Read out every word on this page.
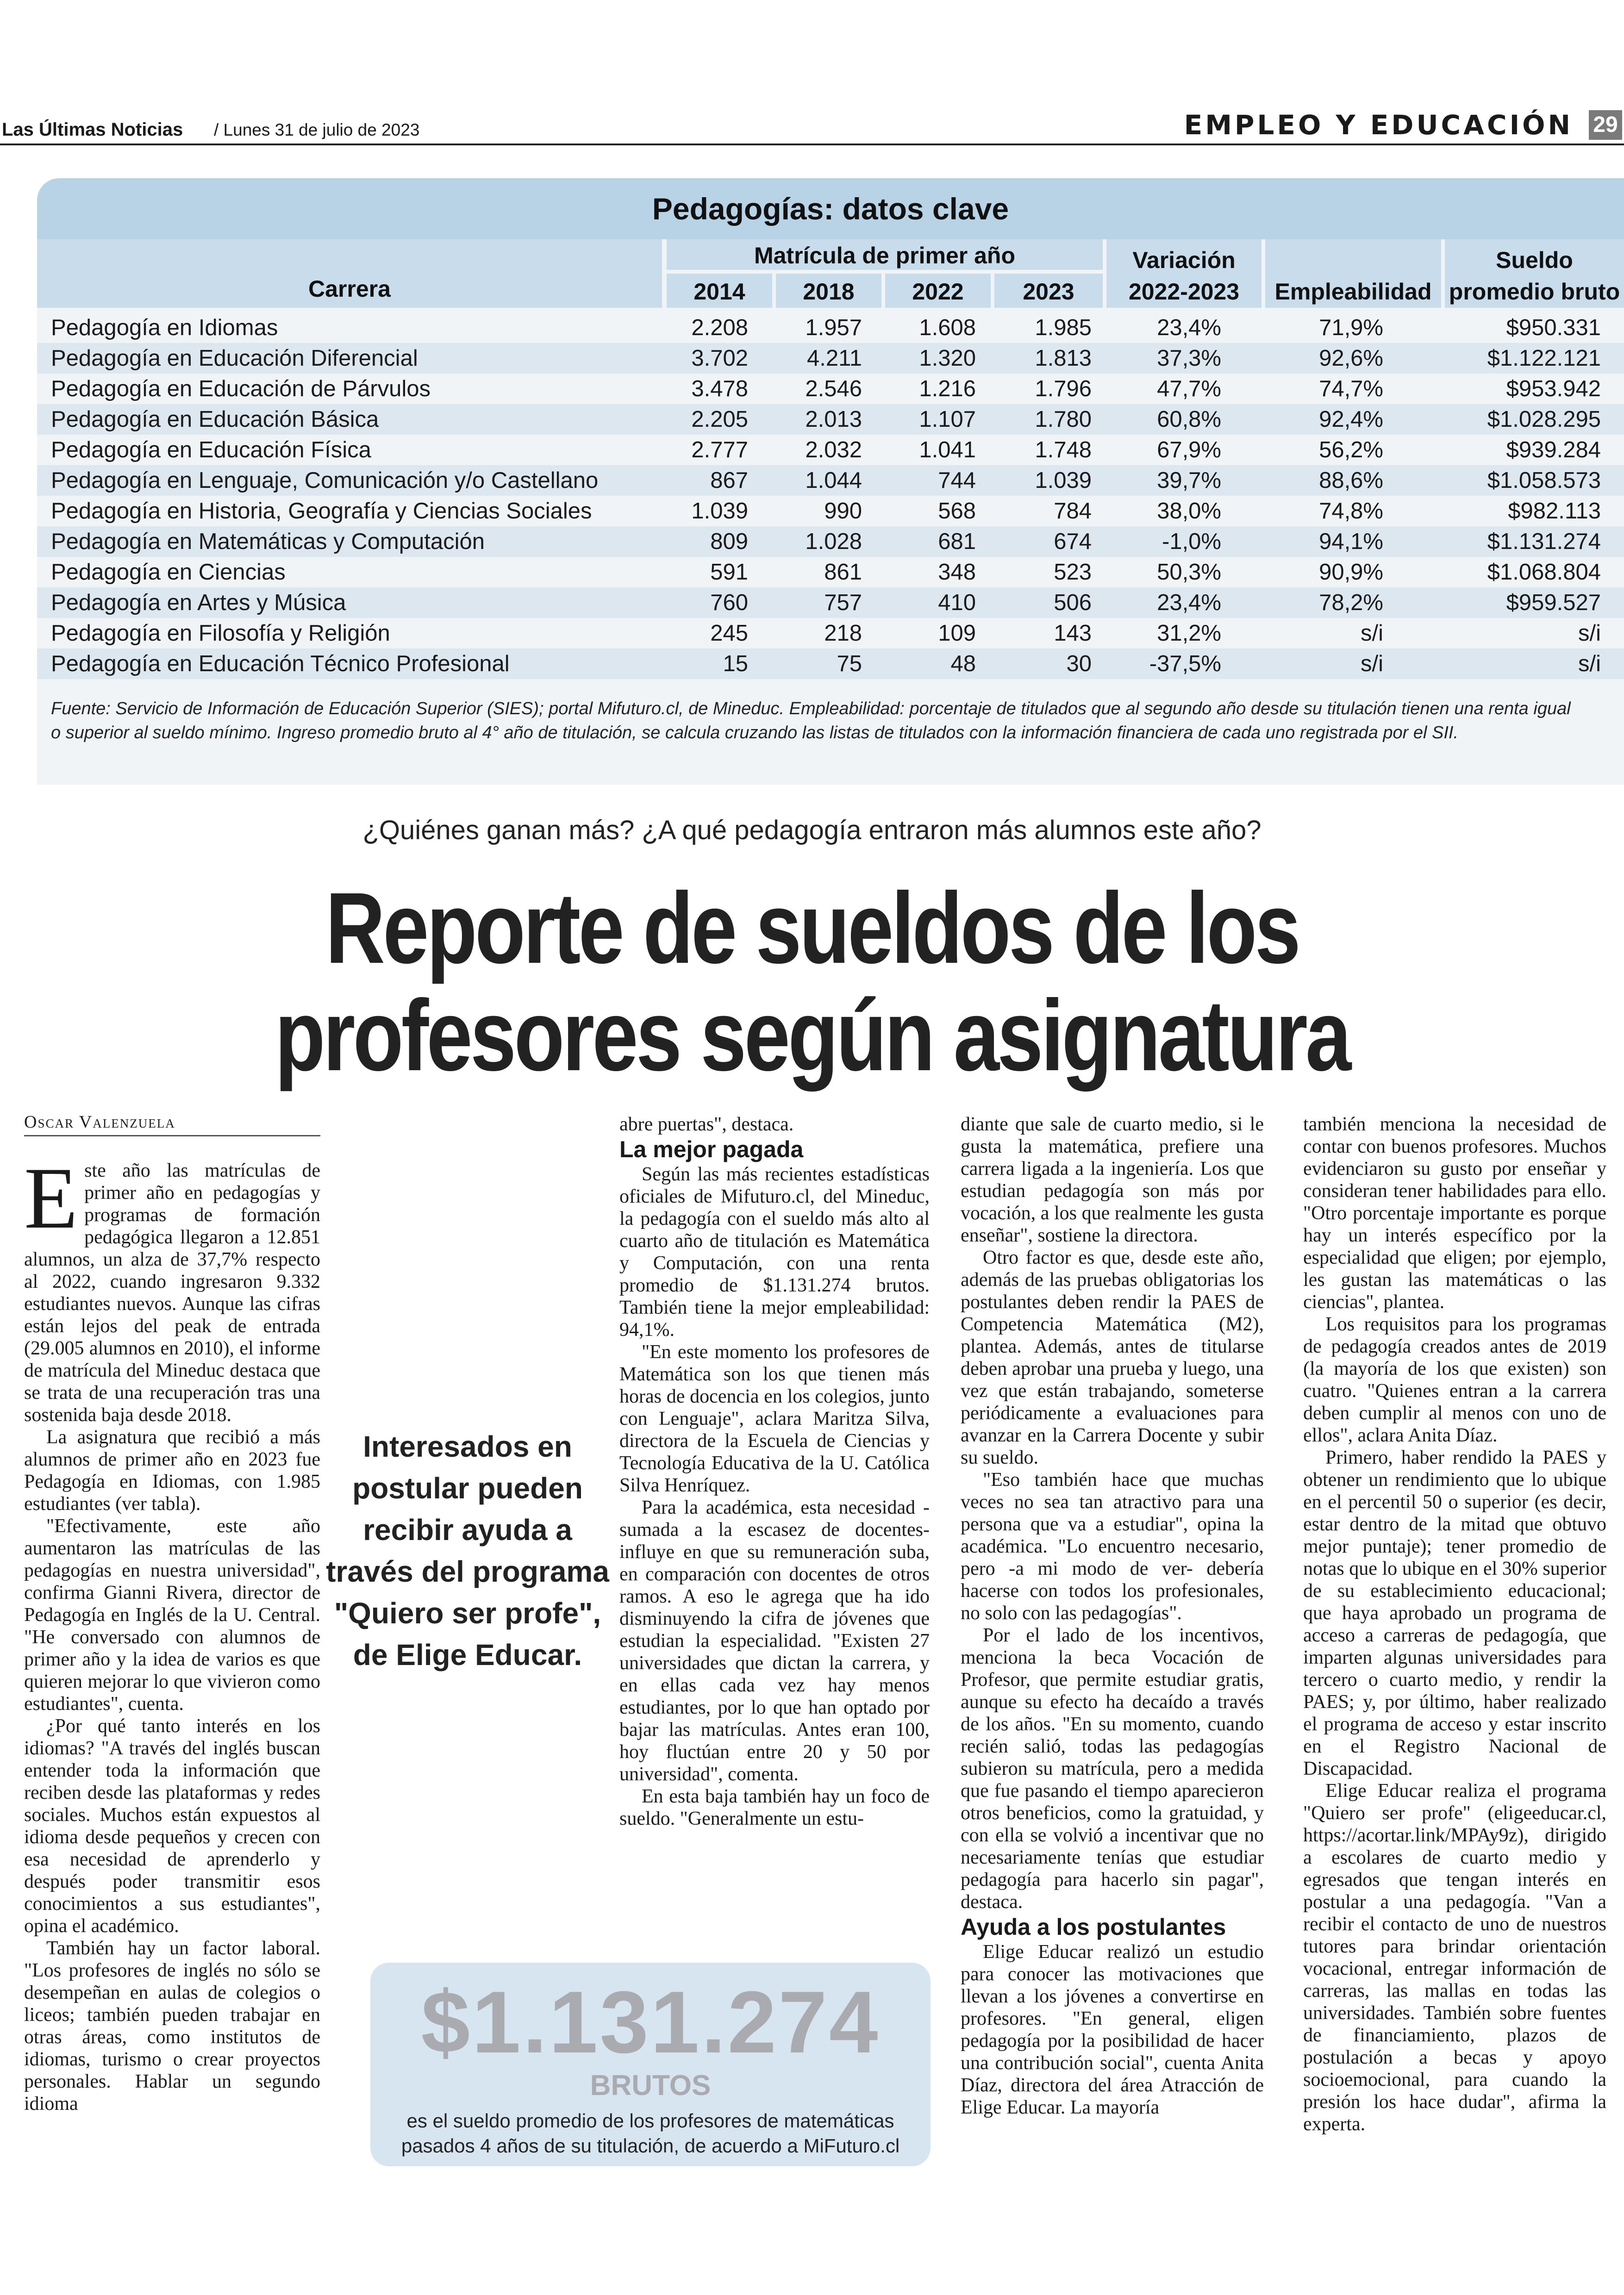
Las Últimas Noticias / Lunes 31 de julio de 2023	EMPLEO Y EDUCACIÓN 29
Pedagogías: datos clave
Carrera
Matrícula de primer año
2014	2018	2022	2023
Variación
2022-2023	Empleabilidad
Sueldo
promedio bruto
Pedagogía en Idiomas	2.208	1.957	1.608	1.985	23,4%	71,9%	$950.331
Pedagogía en Educación Diferencial	3.702	4.211	1.320	1.813	37,3%	92,6%	$1.122.121
Pedagogía en Educación de Párvulos	3.478	2.546	1.216	1.796	47,7%	74,7%	$953.942
Pedagogía en Educación Básica	2.205	2.013	1.107	1.780	60,8%	92,4%	$1.028.295
Pedagogía en Educación Física	2.777	2.032	1.041	1.748	67,9%	56,2%	$939.284
Pedagogía en Lenguaje, Comunicación y/o Castellano	867	1.044	744	1.039	39,7%	88,6%	$1.058.573
Pedagogía en Historia, Geografía y Ciencias Sociales	1.039	990	568	784	38,0%	74,8%	$982.113
Pedagogía en Matemáticas y Computación	809	1.028	681	674	-1,0%	94,1%	$1.131.274
Pedagogía en Ciencias	591	861	348	523	50,3%	90,9%	$1.068.804
Pedagogía en Artes y Música	760	757	410	506	23,4%	78,2%	$959.527
Pedagogía en Filosofía y Religión	245	218	109	143	31,2%	s/i	s/i
Pedagogía en Educación Técnico Profesional	15	75	48	30	-37,5%	s/i	s/i
Fuente: Servicio de Información de Educación Superior (SIES); portal Mifuturo.cl, de Mineduc. Empleabilidad: porcentaje de titulados que al segundo año desde su titulación tienen una renta igual o superior al sueldo mínimo. Ingreso promedio bruto al 4° año de titulación, se calcula cruzando las listas de titulados con la información financiera de cada uno registrada por el SII.
¿Quiénes ganan más? ¿A qué pedagogía entraron más alumnos este año?
Reporte de sueldos de los
profesores según asignatura
Oscar Valenzuela

Este año las matrículas de primer año en pedagogías y programas de formación pedagógica llegaron a 12.851 alumnos, un alza de 37,7% respecto al 2022, cuando ingresaron 9.332 estudiantes nuevos. Aunque las cifras están lejos del peak de entrada (29.005 alumnos en 2010), el informe de matrícula del Mineduc destaca que se trata de una recuperación tras una sostenida baja desde 2018.

La asignatura que recibió a más alumnos de primer año en 2023 fue Pedagogía en Idiomas, con 1.985 estudiantes (ver tabla).

"Efectivamente, este año aumentaron las matrículas de las pedagogías en nuestra universidad", confirma Gianni Rivera, director de Pedagogía en Inglés de la U. Central. "He conversado con alumnos de primer año y la idea de varios es que quieren mejorar lo que vivieron como estudiantes", cuenta.

¿Por qué tanto interés en los idiomas? "A través del inglés buscan entender toda la información que reciben desde las plataformas y redes sociales. Muchos están expuestos al idioma desde pequeños y crecen con esa necesidad de aprenderlo y después poder transmitir esos conocimientos a sus estudiantes", opina el académico.

También hay un factor laboral. "Los profesores de inglés no sólo se desempeñan en aulas de colegios o liceos; también pueden trabajar en otras áreas, como institutos de idiomas, turismo o crear proyectos personales. Hablar un segundo idioma

Interesados en postular pueden recibir ayuda a través del programa "Quiero ser profe", de Elige Educar.

abre puertas", destaca.

La mejor pagada

Según las más recientes estadísticas oficiales de Mifuturo.cl, del Mineduc, la pedagogía con el sueldo más alto al cuarto año de titulación es Matemática y Computación, con una renta promedio de $1.131.274 brutos. También tiene la mejor empleabilidad: 94,1%.

"En este momento los profesores de Matemática son los que tienen más horas de docencia en los colegios, junto con Lenguaje", aclara Maritza Silva, directora de la Escuela de Ciencias y Tecnología Educativa de la U. Católica Silva Henríquez.

Para la académica, esta necesidad -sumada a la escasez de docentes- influye en que su remuneración suba, en comparación con docentes de otros ramos. A eso le agrega que ha ido disminuyendo la cifra de jóvenes que estudian la especialidad. "Existen 27 universidades que dictan la carrera, y en ellas cada vez hay menos estudiantes, por lo que han optado por bajar las matrículas. Antes eran 100, hoy fluctúan entre 20 y 50 por universidad", comenta.

En esta baja también hay un foco de sueldo. "Generalmente un estu-

diante que sale de cuarto medio, si le gusta la matemática, prefiere una carrera ligada a la ingeniería. Los que estudian pedagogía son más por vocación, a los que realmente les gusta enseñar", sostiene la directora.

Otro factor es que, desde este año, además de las pruebas obligatorias los postulantes deben rendir la PAES de Competencia Matemática (M2), plantea. Además, antes de titularse deben aprobar una prueba y luego, una vez que están trabajando, someterse periódicamente a evaluaciones para avanzar en la Carrera Docente y subir su sueldo.

"Eso también hace que muchas veces no sea tan atractivo para una persona que va a estudiar", opina la académica. "Lo encuentro necesario, pero -a mi modo de ver- debería hacerse con todos los profesionales, no solo con las pedagogías".

Por el lado de los incentivos, menciona la beca Vocación de Profesor, que permite estudiar gratis, aunque su efecto ha decaído a través de los años. "En su momento, cuando recién salió, todas las pedagogías subieron su matrícula, pero a medida que fue pasando el tiempo aparecieron otros beneficios, como la gratuidad, y con ella se volvió a incentivar que no necesariamente tenías que estudiar pedagogía para hacerlo sin pagar", destaca.

Ayuda a los postulantes

Elige Educar realizó un estudio para conocer las motivaciones que llevan a los jóvenes a convertirse en profesores. "En general, eligen pedagogía por la posibilidad de hacer una contribución social", cuenta Anita Díaz, directora del área Atracción de Elige Educar. La mayoría

también menciona la necesidad de contar con buenos profesores. Muchos evidenciaron su gusto por enseñar y consideran tener habilidades para ello. "Otro porcentaje importante es porque hay un interés específico por la especialidad que eligen; por ejemplo, les gustan las matemáticas o las ciencias", plantea.

Los requisitos para los programas de pedagogía creados antes de 2019 (la mayoría de los que existen) son cuatro. "Quienes entran a la carrera deben cumplir al menos con uno de ellos", aclara Anita Díaz.

Primero, haber rendido la PAES y obtener un rendimiento que lo ubique en el percentil 50 o superior (es decir, estar dentro de la mitad que obtuvo mejor puntaje); tener promedio de notas que lo ubique en el 30% superior de su establecimiento educacional; que haya aprobado un programa de acceso a carreras de pedagogía, que imparten algunas universidades para tercero o cuarto medio, y rendir la PAES; y, por último, haber realizado el programa de acceso y estar inscrito en el Registro Nacional de Discapacidad.

Elige Educar realiza el programa "Quiero ser profe" (eligeeducar.cl, https://acortar.link/MPAy9z), dirigido a escolares de cuarto medio y egresados que tengan interés en postular a una pedagogía. "Van a recibir el contacto de uno de nuestros tutores para brindar orientación vocacional, entregar información de carreras, las mallas en todas las universidades. También sobre fuentes de financiamiento, plazos de postulación a becas y apoyo socioemocional, para cuando la presión los hace dudar", afirma la experta.

$1.131.274
BRUTOS
es el sueldo promedio de los profesores de matemáticas pasados 4 años de su titulación, de acuerdo a MiFuturo.cl
